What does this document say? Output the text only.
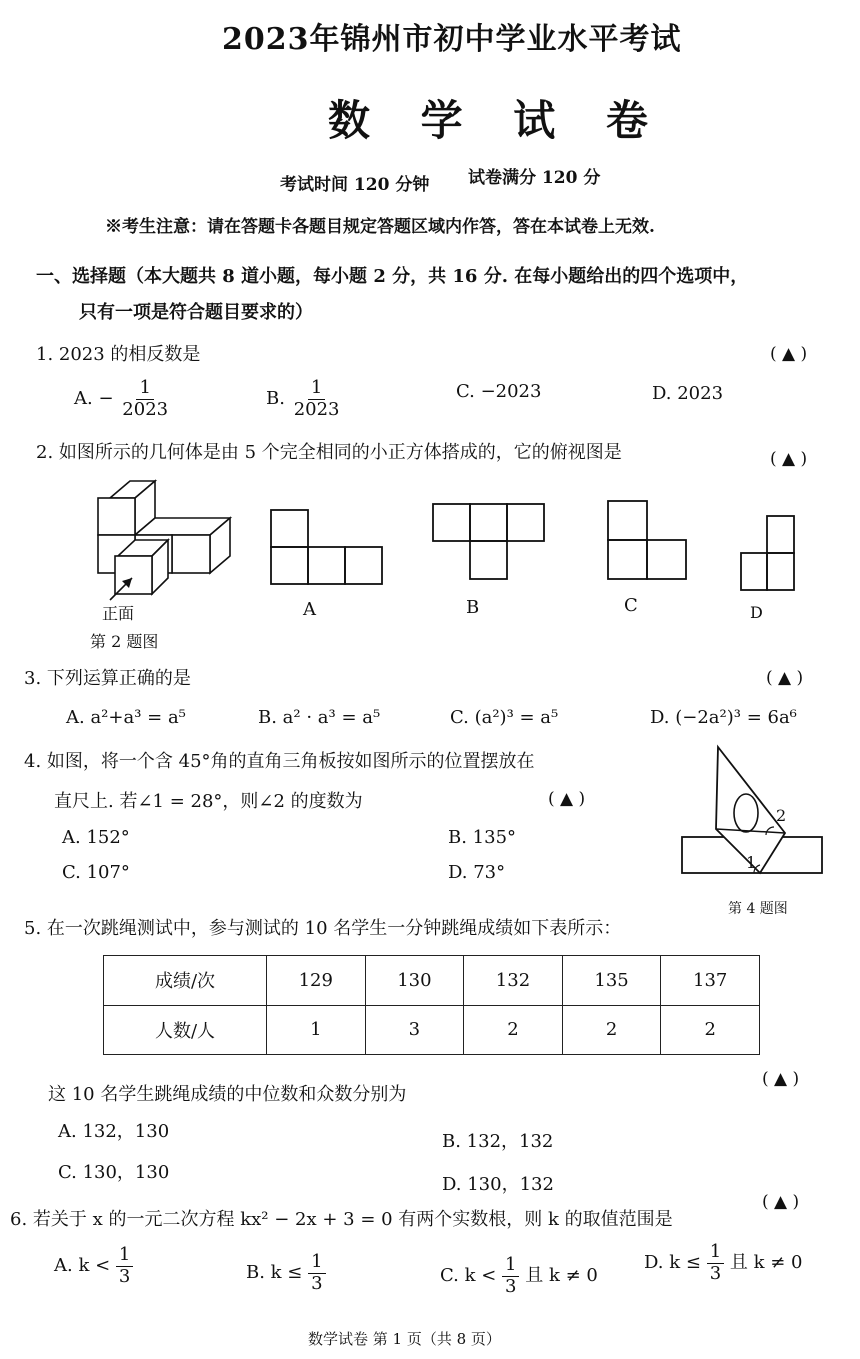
2023年锦州市初中学业水平考试
数 学 试 卷
考试时间 120 分钟 试卷满分 120 分
※考生注意：请在答题卡各题目规定答题区域内作答，答在本试卷上无效.
一、选择题（本大题共 8 道小题，每小题 2 分，共 16 分. 在每小题给出的四个选项中，
只有一项是符合题目要求的）
1. 2023 的相反数是	( ▲ )
A. − $\frac{1}{2023}$	B. $\frac{1}{2023}$	C. −2023	D. 2023
2. 如图所示的几何体是由 5 个完全相同的小正方体搭成的，它的俯视图是	( ▲ )
正面
第 2 题图
A	B	C	D
3. 下列运算正确的是	( ▲ )
A. a²+a³ = a⁵	B. a² · a³ = a⁵	C. (a²)³ = a⁵	D. (−2a²)³ = 6a⁶
4. 如图，将一个含 45°角的直角三角板按如图所示的位置摆放在
直尺上. 若∠1 = 28°，则∠2 的度数为	( ▲ )
A. 152°	B. 135°
C. 107°	D. 73°
2
1
第 4 题图
5. 在一次跳绳测试中，参与测试的 10 名学生一分钟跳绳成绩如下表所示：
成绩/次	129	130	132	135	137
人数/人	1	3	2	2	2
这 10 名学生跳绳成绩的中位数和众数分别为
( ▲ )
A. 132，130	B. 132，132
C. 130，130
D. 130，132
6. 若关于 x 的一元二次方程 kx² − 2x + 3 = 0 有两个实数根，则 k 的取值范围是
( ▲ )
A. $k < \frac{1}{3}$	B. $k \le \frac{1}{3}$	C. $k < \frac{1}{3}$ 且 k ≠ 0
D. $k \le \frac{1}{3}$ 且 k ≠ 0
数学试卷 第 1 页（共 8 页）
